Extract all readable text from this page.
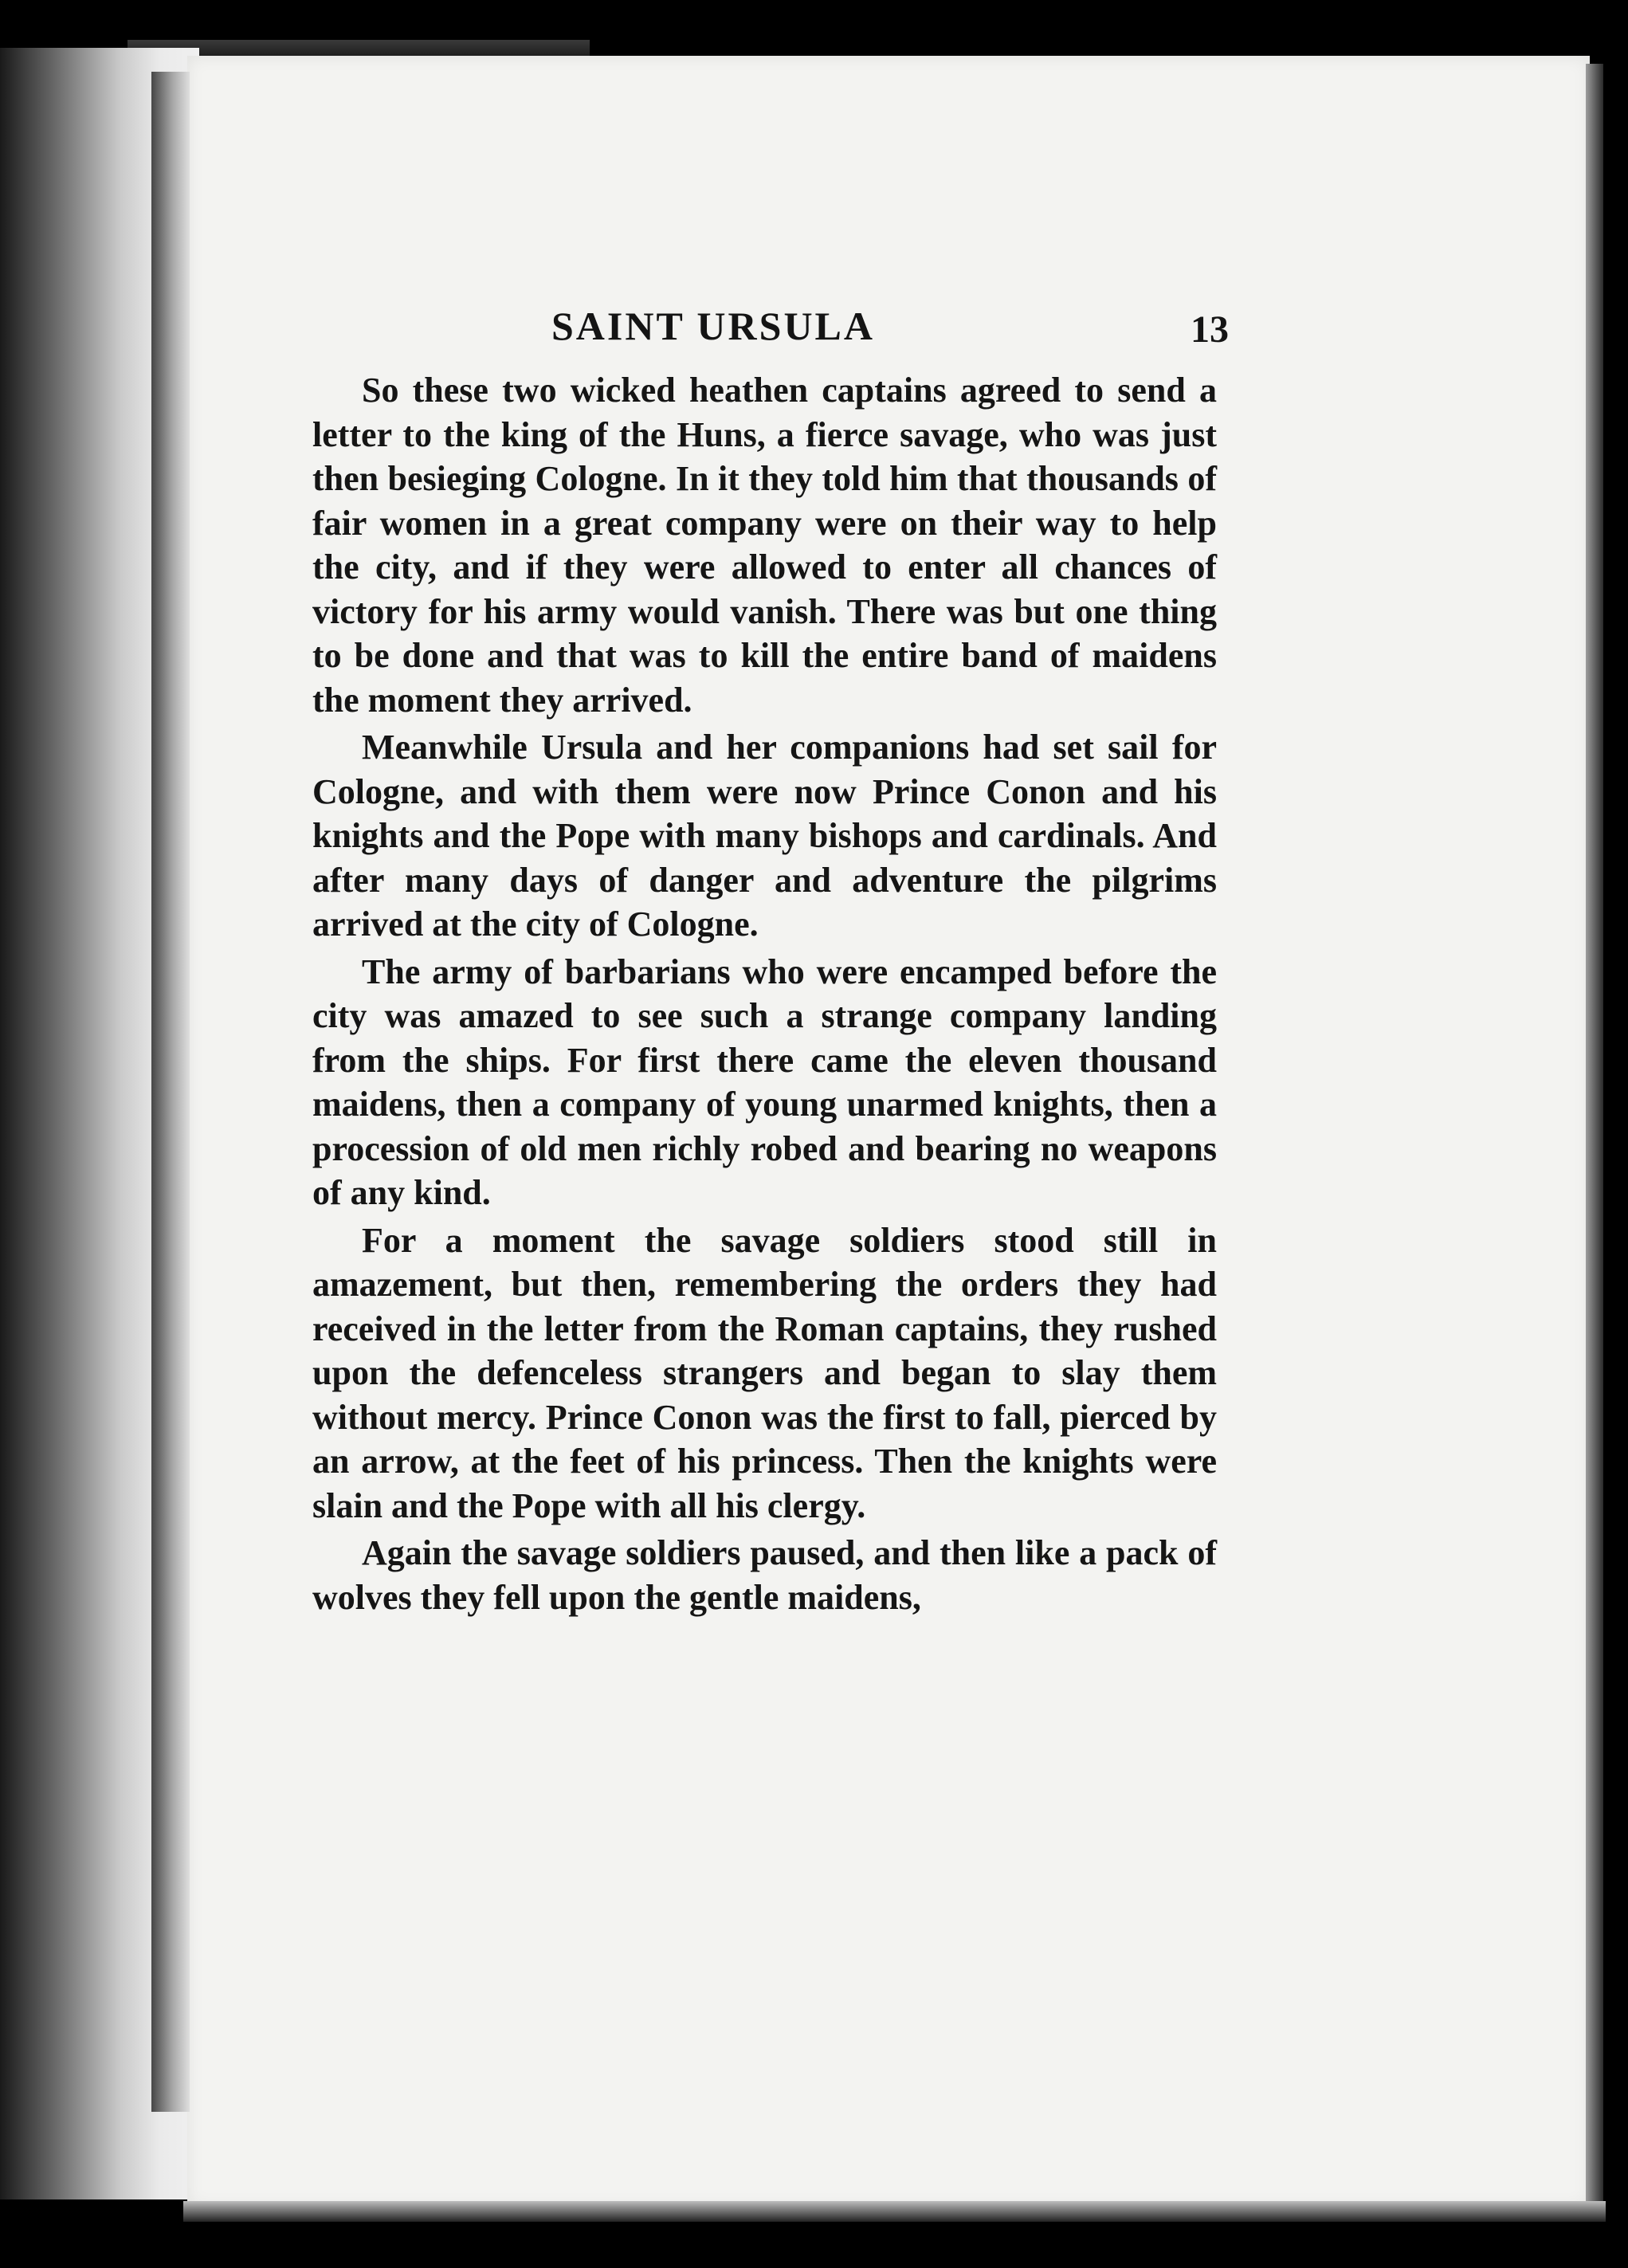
SAINT URSULA	13

So these two wicked heathen captains agreed to send a letter to the king of the Huns, a fierce savage, who was just then besieging Cologne. In it they told him that thousands of fair women in a great company were on their way to help the city, and if they were allowed to enter all chances of victory for his army would vanish. There was but one thing to be done and that was to kill the entire band of maidens the moment they arrived.

Meanwhile Ursula and her companions had set sail for Cologne, and with them were now Prince Conon and his knights and the Pope with many bishops and cardinals. And after many days of danger and adventure the pilgrims arrived at the city of Cologne.

The army of barbarians who were encamped before the city was amazed to see such a strange company landing from the ships. For first there came the eleven thousand maidens, then a company of young unarmed knights, then a procession of old men richly robed and bearing no weapons of any kind.

For a moment the savage soldiers stood still in amazement, but then, remembering the orders they had received in the letter from the Roman captains, they rushed upon the defenceless strangers and began to slay them without mercy. Prince Conon was the first to fall, pierced by an arrow, at the feet of his princess. Then the knights were slain and the Pope with all his clergy.

Again the savage soldiers paused, and then like a pack of wolves they fell upon the gentle maidens,
